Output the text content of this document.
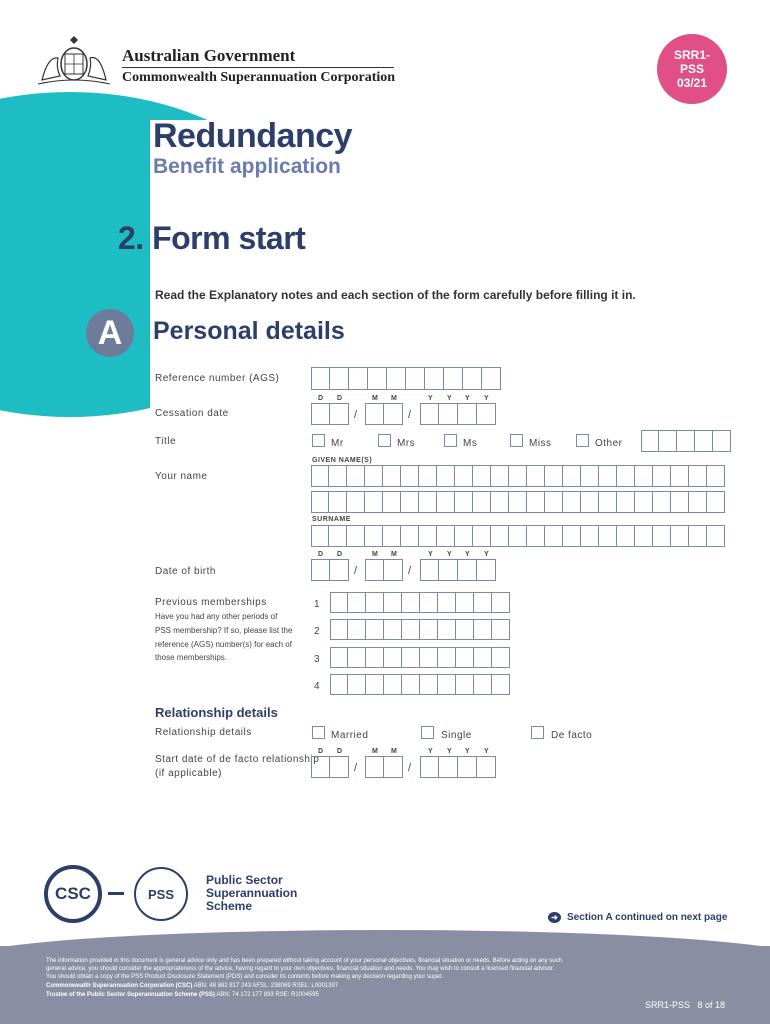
Australian Government
Commonwealth Superannuation Corporation
SRR1-
PSS
03/21
Redundancy
Benefit application
2. Form start
Read the Explanatory notes and each section of the form carefully before filling it in.
A	Personal details
Reference number (AGS)
D D	M M	Y Y Y Y
Cessation date	/	/
Title	Mr	Mrs	Ms	Miss	Other
GIVEN NAME(S)
Your name
SURNAME
D D	M M	Y Y Y Y
Date of birth	/	/
Previous memberships
Have you had any other periods of
PSS membership? If so, please list the
reference (AGS) number(s) for each of
those memberships.
1
2
3
4
Relationship details
Relationship details	Married	Single	De facto
D D	M M	Y Y Y Y
Start date of de facto relationship
(if applicable)	/	/
CSC	PSS
Public Sector
Superannuation
Scheme
➜ Section A continued on next page
The information provided in this document is general advice only and has been prepared without taking account of your personal objectives, financial situation or needs. Before acting on any such
general advice, you should consider the appropriateness of the advice, having regard to your own objectives, financial situation and needs. You may wish to consult a licensed financial advisor.
You should obtain a copy of the PSS Product Disclosure Statement (PDS) and consider its contents before making any decision regarding your super.
Commonwealth Superannuation Corporation (CSC) ABN: 48 882 817 243 AFSL: 238069 RSEL: L0001397
Trustee of the Public Sector Superannuation Scheme (PSS) ABN: 74 172 177 893 RSE: R1004595
SRR1-PSS 8 of 18
